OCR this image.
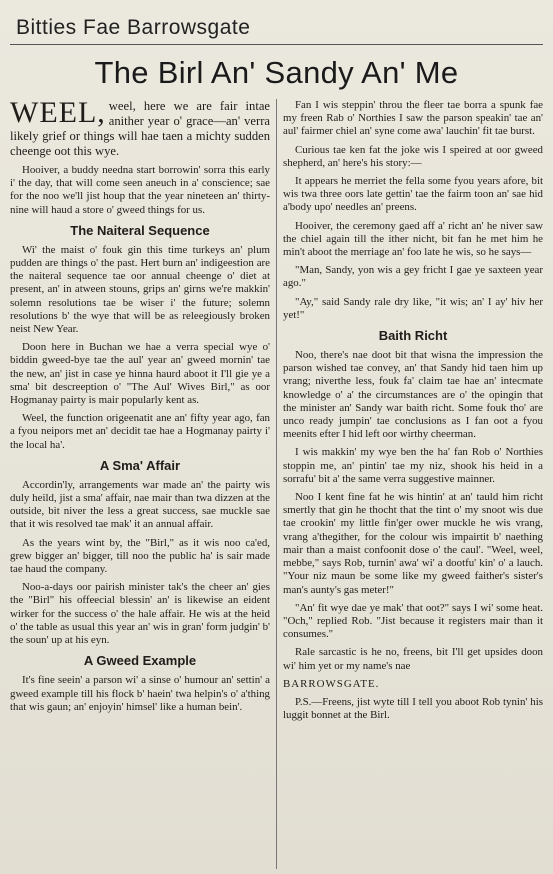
Bitties Fae Barrowsgate
The Birl An' Sandy An' Me

WEEL, weel, here we are fair intae anither year o' grace—an' verra likely grief or things will hae taen a michty sudden cheenge oot this wye.

Hooiver, a buddy needna start borrowin' sorra this early i' the day, that will come seen aneuch in a' conscience; sae for the noo we'll jist houp that the year nineteen an' thirty-nine will haud a store o' gweed things for us.

The Naiteral Sequence

Wi' the maist o' fouk gin this time turkeys an' plum pudden are things o' the past. Hert burn an' indigeestion are the naiteral sequence tae oor annual cheenge o' diet at present, an' in atween stouns, grips an' girns we're makkin' solemn resolutions tae be wiser i' the future; solemn resolutions b' the wye that will be as releegiously broken neist New Year.

Doon here in Buchan we hae a verra special wye o' biddin gweed-bye tae the aul' year an' gweed mornin' tae the new, an' jist in case ye hinna haurd aboot it I'll gie ye a sma' bit descreeption o' "The Aul' Wives Birl," as oor Hogmanay pairty is mair popularly kent as.

Weel, the function origeenatit ane an' fifty year ago, fan a fyou neipors met an' decidit tae hae a Hogmanay pairty i' the local ha'.

A Sma' Affair

Accordin'ly, arrangements war made an' the pairty wis duly heild, jist a sma' affair, nae mair than twa dizzen at the outside, bit niver the less a great success, sae muckle sae that it wis resolved tae mak' it an annual affair.

As the years wint by, the "Birl," as it wis noo ca'ed, grew bigger an' bigger, till noo the public ha' is sair made tae haud the company.

Noo-a-days oor pairish minister tak's the cheer an' gies the "Birl" his offeecial blessin' an' is likewise an eident wirker for the success o' the hale affair. He wis at the heid o' the table as usual this year an' wis in gran' form judgin' b' the soun' up at his eyn.

A Gweed Example

It's fine seein' a parson wi' a sinse o' humour an' settin' a gweed example till his flock b' haein' twa helpin's o' a'thing that wis gaun; an' enjoyin' himsel' like a human bein'.

Fan I wis steppin' throu the fleer tae borra a spunk fae my freen Rab o' Northies I saw the parson speakin' tae an' aul' fairmer chiel an' syne come awa' lauchin' fit tae burst.

Curious tae ken fat the joke wis I speired at oor gweed shepherd, an' here's his story:—

It appears he merriet the fella some fyou years afore, bit wis twa three oors late gettin' tae the fairm toon an' sae hid a'body upo' needles an' preens.

Hooiver, the ceremony gaed aff a' richt an' he niver saw the chiel again till the ither nicht, bit fan he met him he min't aboot the merriage an' foo late he wis, so he says—

"Man, Sandy, yon wis a gey fricht I gae ye saxteen year ago."

"Ay," said Sandy rale dry like, "it wis; an' I ay' hiv her yet!"

Baith Richt

Noo, there's nae doot bit that wisna the impression the parson wished tae convey, an' that Sandy hid taen him up vrang; niverthe less, fouk fa' claim tae hae an' intecmate knowledge o' a' the circumstances are o' the opingin that the minister an' Sandy war baith richt. Some fouk tho' are unco ready jumpin' tae conclusions as I fan oot a fyou meenits efter I hid left oor wirthy cheerman.

I wis makkin' my wye ben the ha' fan Rob o' Northies stoppin me, an' pintin' tae my niz, shook his heid in a sorrafu' bit a' the same verra suggestive mainner.

Noo I kent fine fat he wis hintin' at an' tauld him richt smertly that gin he thocht that the tint o' my snoot wis due tae crookin' my little fin'ger ower muckle he wis vrang, vrang a'thegither, for the colour wis impairtit b' naething mair than a maist confoonit dose o' the caul'. "Weel, weel, mebbe," says Rob, turnin' awa' wi' a dootfu' kin' o' a lauch. "Your niz maun be some like my gweed faither's sister's man's aunty's gas meter!"

"An' fit wye dae ye mak' that oot?" says I wi' some heat. "Och," replied Rob. "Jist because it registers mair than it consumes."

Rale sarcastic is he no, freens, bit I'll get upsides doon wi' him yet or my name's nae

BARROWSGATE.

P.S.—Freens, jist wyte till I tell you aboot Rob tynin' his luggit bonnet at the Birl.
